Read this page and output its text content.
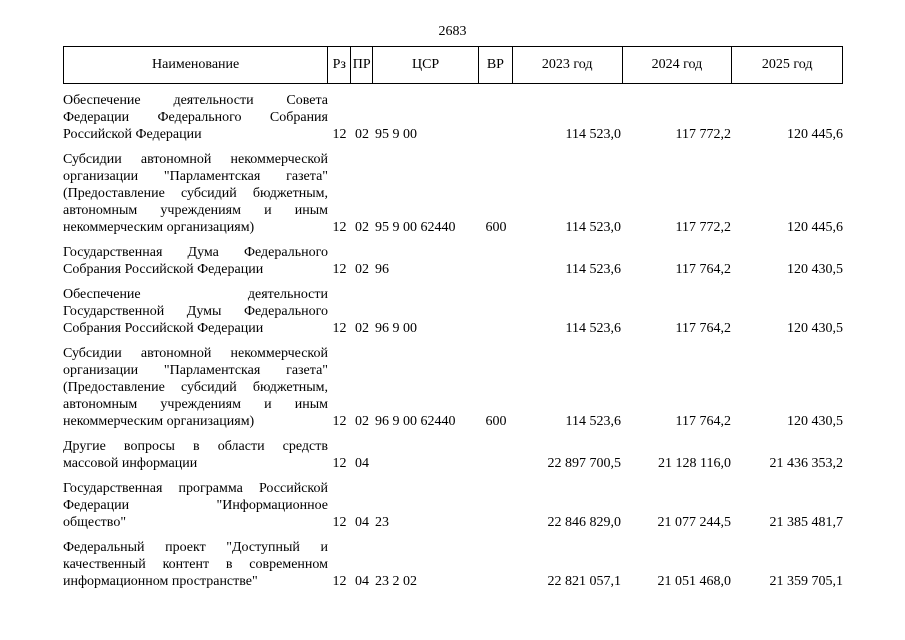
2683
Наименование	Рз ПР	ЦСР	ВР	2023 год	2024 год	2025 год
Обеспечение деятельности Совета
Федерации Федерального Собрания
Российской Федерации	12 02 95 9 00	114 523,0	117 772,2	120 445,6
Субсидии автономной некоммерческой
организации "Парламентская газета"
(Предоставление субсидий бюджетным,
автономным учреждениям и иным
некоммерческим организациям)	12 02 95 9 00 62440	600	114 523,0	117 772,2	120 445,6
Государственная Дума Федерального
Собрания Российской Федерации	12 02 96	114 523,6	117 764,2	120 430,5
Обеспечение деятельности
Государственной Думы Федерального
Собрания Российской Федерации	12 02 96 9 00	114 523,6	117 764,2	120 430,5
Субсидии автономной некоммерческой
организации "Парламентская газета"
(Предоставление субсидий бюджетным,
автономным учреждениям и иным
некоммерческим организациям)	12 02 96 9 00 62440	600	114 523,6	117 764,2	120 430,5
Другие вопросы в области средств
массовой информации	12 04	22 897 700,5	21 128 116,0	21 436 353,2
Государственная программа Российской
Федерации "Информационное
общество"	12 04 23	22 846 829,0	21 077 244,5	21 385 481,7
Федеральный проект "Доступный и
качественный контент в современном
информационном пространстве"	12 04 23 2 02	22 821 057,1	21 051 468,0	21 359 705,1
